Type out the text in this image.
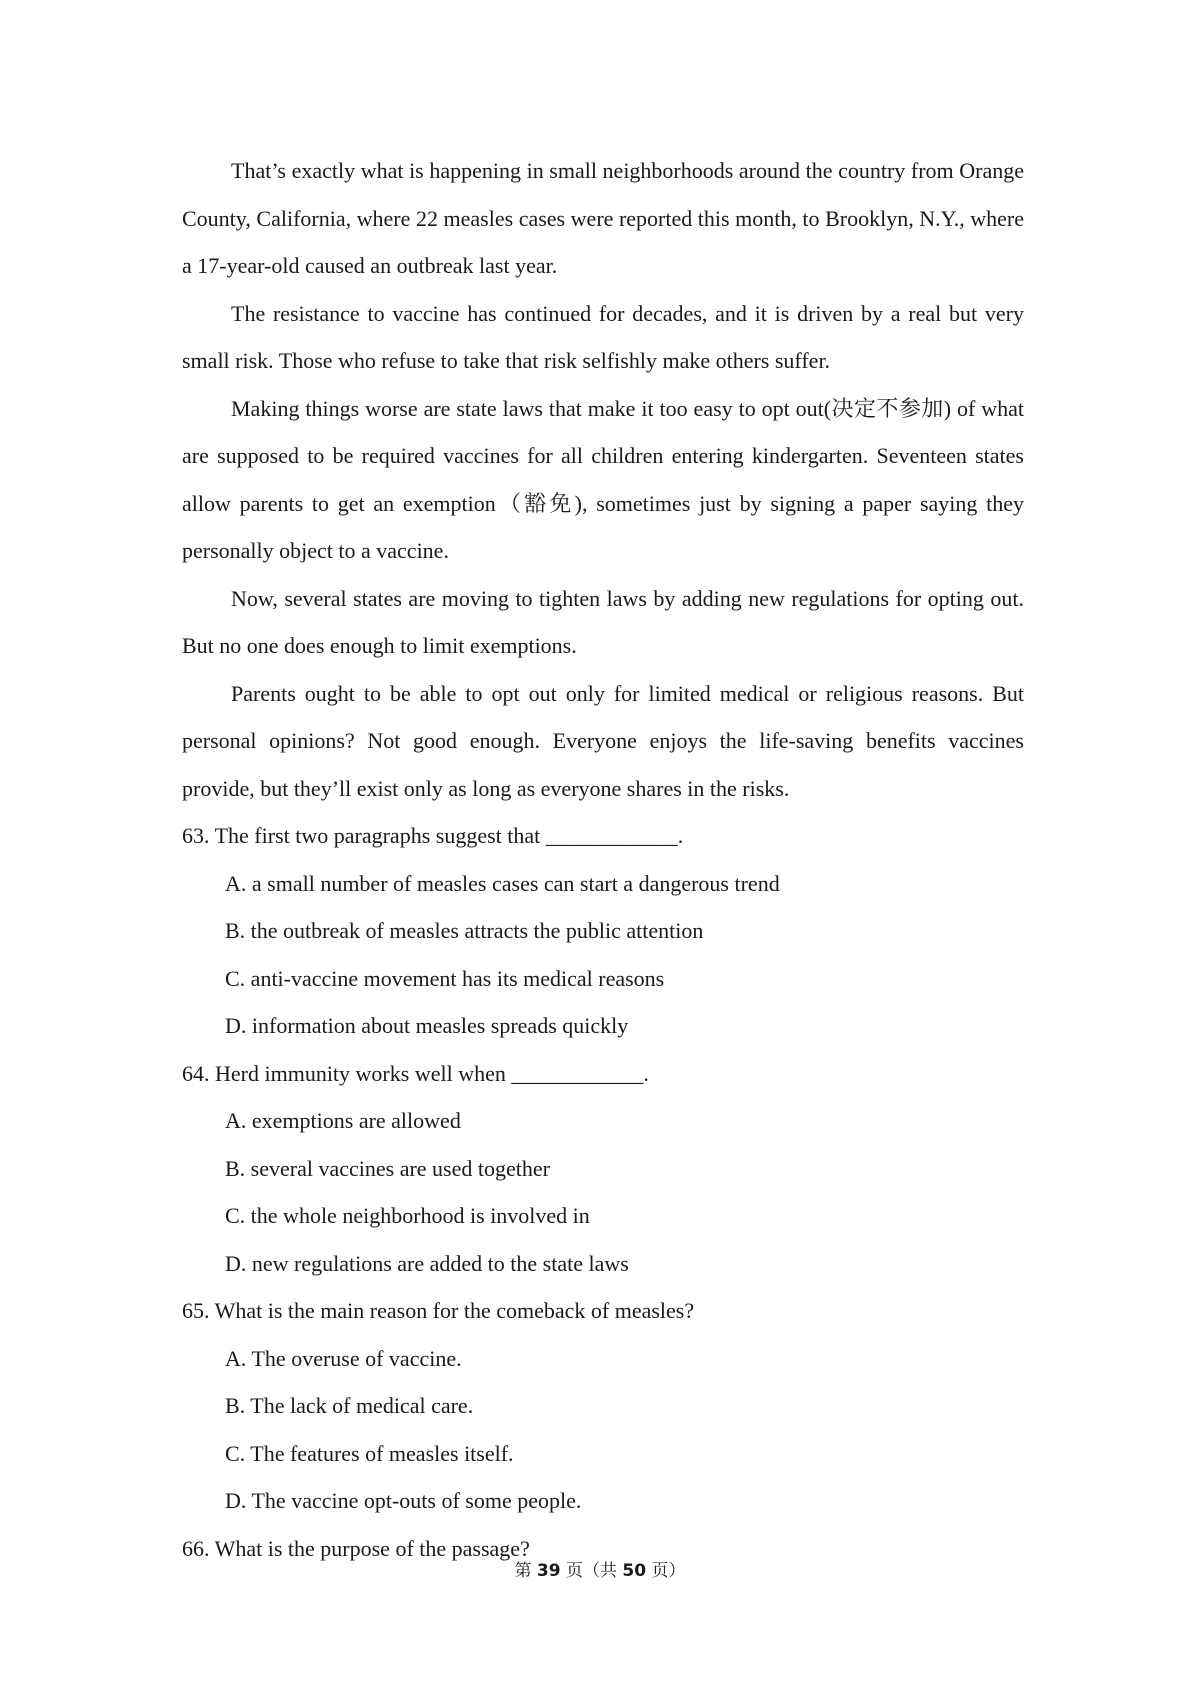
That’s exactly what is happening in small neighborhoods around the country from Orange County, California, where 22 measles cases were reported this month, to Brooklyn, N.Y., where a 17-year-old caused an outbreak last year.

The resistance to vaccine has continued for decades, and it is driven by a real but very small risk. Those who refuse to take that risk selfishly make others suffer.

Making things worse are state laws that make it too easy to opt out(决定不参加) of what are supposed to be required vaccines for all children entering kindergarten. Seventeen states allow parents to get an exemption（豁免), sometimes just by signing a paper saying they personally object to a vaccine.

Now, several states are moving to tighten laws by adding new regulations for opting out. But no one does enough to limit exemptions.

Parents ought to be able to opt out only for limited medical or religious reasons. But personal opinions? Not good enough. Everyone enjoys the life-saving benefits vaccines provide, but they’ll exist only as long as everyone shares in the risks.

63. The first two paragraphs suggest that ____________.

A. a small number of measles cases can start a dangerous trend

B. the outbreak of measles attracts the public attention

C. anti-vaccine movement has its medical reasons

D. information about measles spreads quickly

64. Herd immunity works well when ____________.

A. exemptions are allowed

B. several vaccines are used together

C. the whole neighborhood is involved in

D. new regulations are added to the state laws

65. What is the main reason for the comeback of measles?

A. The overuse of vaccine.

B. The lack of medical care.

C. The features of measles itself.

D. The vaccine opt-outs of some people.

66. What is the purpose of the passage?

第 39 页（共 50 页）
